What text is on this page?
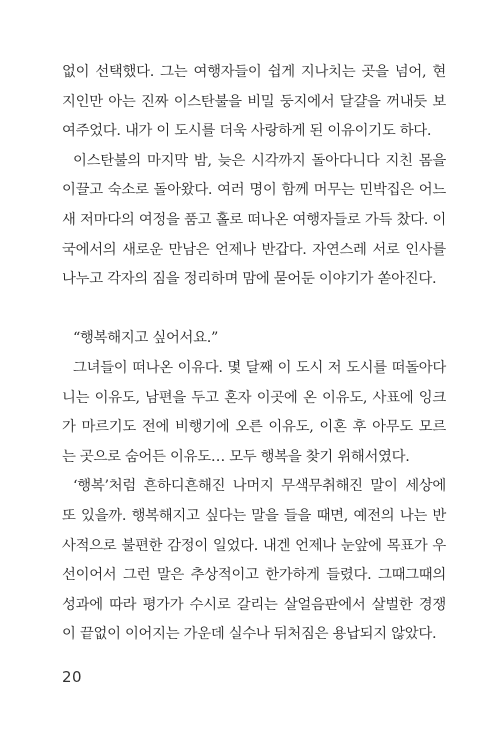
없이 선택했다. 그는 여행자들이 쉽게 지나치는 곳을 넘어, 현
지인만 아는 진짜 이스탄불을 비밀 둥지에서 달걀을 꺼내듯 보
여주었다. 내가 이 도시를 더욱 사랑하게 된 이유이기도 하다.
이스탄불의 마지막 밤, 늦은 시각까지 돌아다니다 지친 몸을
이끌고 숙소로 돌아왔다. 여러 명이 함께 머무는 민박집은 어느
새 저마다의 여정을 품고 홀로 떠나온 여행자들로 가득 찼다. 이
국에서의 새로운 만남은 언제나 반갑다. 자연스레 서로 인사를
나누고 각자의 짐을 정리하며 맘에 묻어둔 이야기가 쏟아진다.
“행복해지고 싶어서요.”
그녀들이 떠나온 이유다. 몇 달째 이 도시 저 도시를 떠돌아다
니는 이유도, 남편을 두고 혼자 이곳에 온 이유도, 사표에 잉크
가 마르기도 전에 비행기에 오른 이유도, 이혼 후 아무도 모르
는 곳으로 숨어든 이유도… 모두 행복을 찾기 위해서였다.
‘행복’처럼 흔하디흔해진 나머지 무색무취해진 말이 세상에
또 있을까. 행복해지고 싶다는 말을 들을 때면, 예전의 나는 반
사적으로 불편한 감정이 일었다. 내겐 언제나 눈앞에 목표가 우
선이어서 그런 말은 추상적이고 한가하게 들렸다. 그때그때의
성과에 따라 평가가 수시로 갈리는 살얼음판에서 살벌한 경쟁
이 끝없이 이어지는 가운데 실수나 뒤처짐은 용납되지 않았다.
20
